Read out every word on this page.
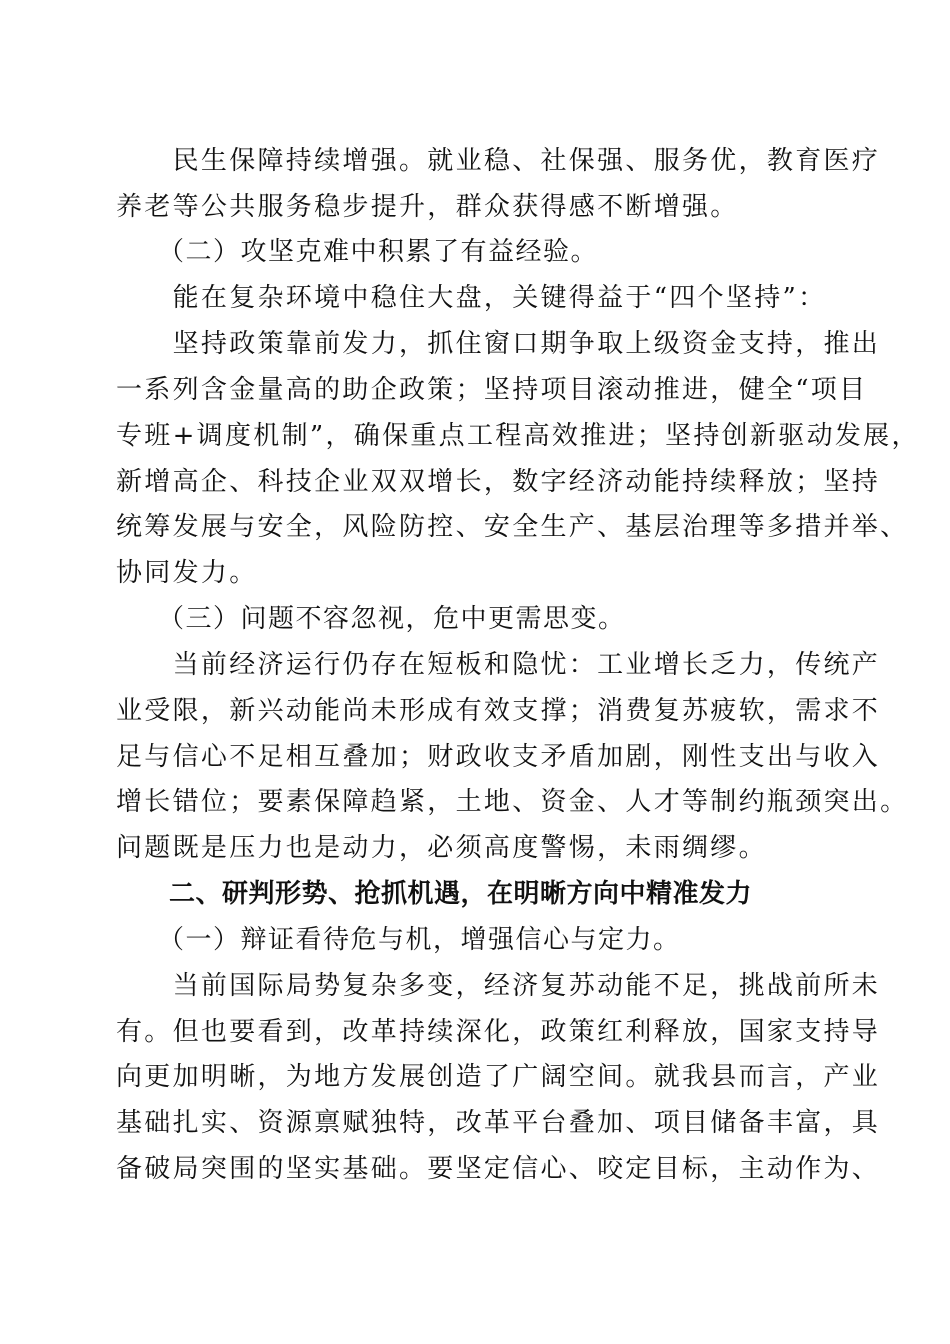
　　民生保障持续增强。就业稳、社保强、服务优，教育医疗
养老等公共服务稳步提升，群众获得感不断增强。
　　（二）攻坚克难中积累了有益经验。
　　能在复杂环境中稳住大盘，关键得益于“四个坚持”：
　　坚持政策靠前发力，抓住窗口期争取上级资金支持，推出
一系列含金量高的助企政策；坚持项目滚动推进，健全“项目
专班+调度机制”，确保重点工程高效推进；坚持创新驱动发展，
新增高企、科技企业双双增长，数字经济动能持续释放；坚持
统筹发展与安全，风险防控、安全生产、基层治理等多措并举、
协同发力。
　　（三）问题不容忽视，危中更需思变。
　　当前经济运行仍存在短板和隐忧：工业增长乏力，传统产
业受限，新兴动能尚未形成有效支撑；消费复苏疲软，需求不
足与信心不足相互叠加；财政收支矛盾加剧，刚性支出与收入
增长错位；要素保障趋紧，土地、资金、人才等制约瓶颈突出。
问题既是压力也是动力，必须高度警惕，未雨绸缪。
　　二、研判形势、抢抓机遇，在明晰方向中精准发力
　　（一）辩证看待危与机，增强信心与定力。
　　当前国际局势复杂多变，经济复苏动能不足，挑战前所未
有。但也要看到，改革持续深化，政策红利释放，国家支持导
向更加明晰，为地方发展创造了广阔空间。就我县而言，产业
基础扎实、资源禀赋独特，改革平台叠加、项目储备丰富，具
备破局突围的坚实基础。要坚定信心、咬定目标，主动作为、
